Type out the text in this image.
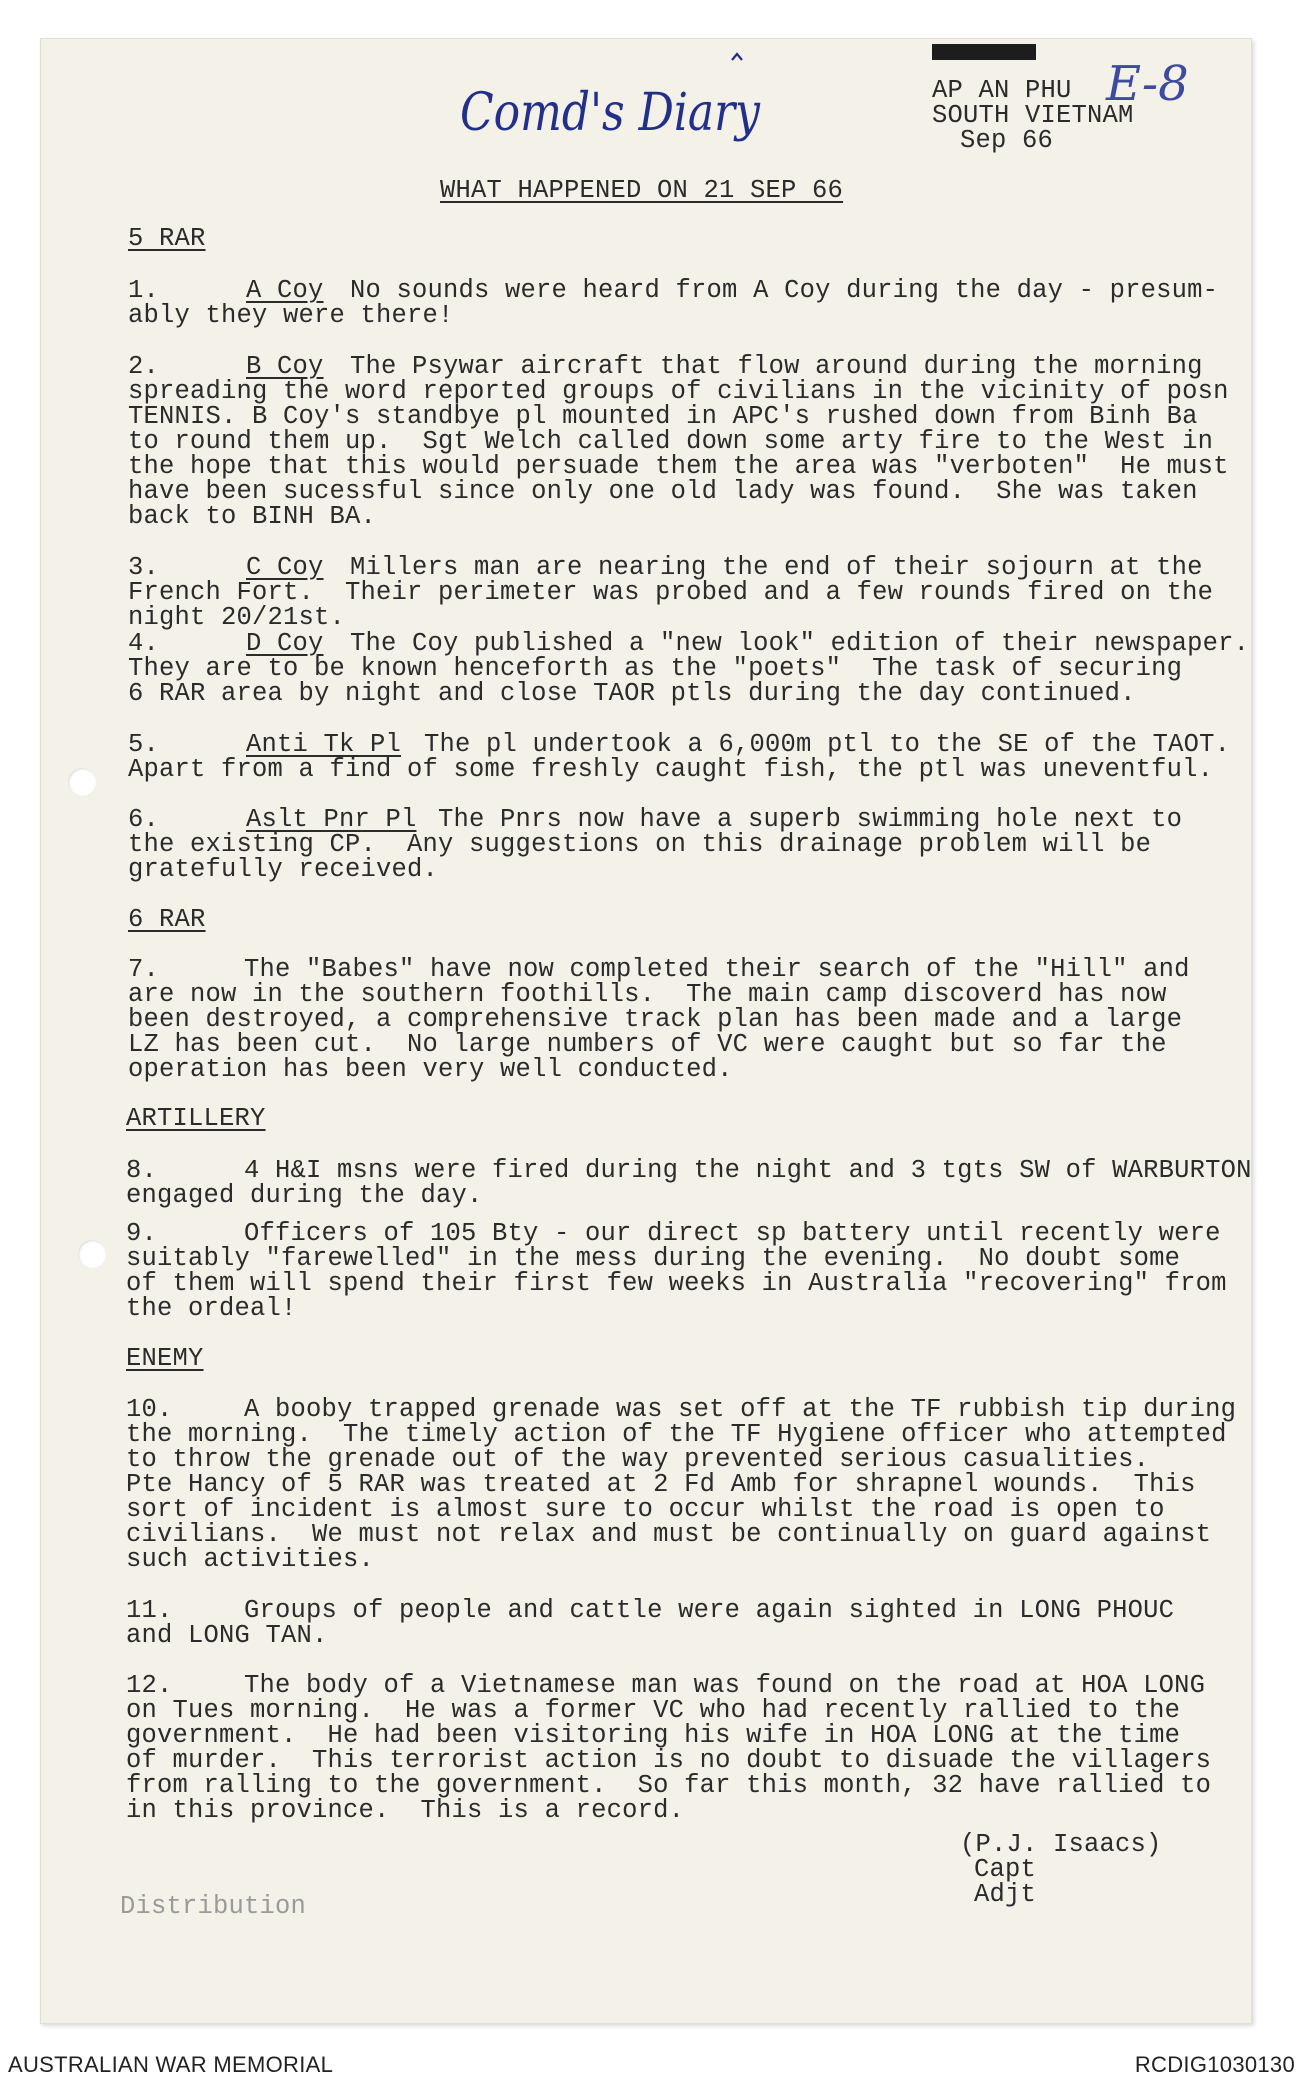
AP AN PHU
SOUTH VIETNAM
Sep 66
E-8
Comd's Diary
WHAT HAPPENED ON 21 SEP 66
5 RAR
1.	A Coy No sounds were heard from A Coy during the day - presum-
ably they were there!
2.	B Coy The Psywar aircraft that flow around during the morning
spreading the word reported groups of civilians in the vicinity of posn
TENNIS. B Coy's standbye pl mounted in APC's rushed down from Binh Ba
to round them up.  Sgt Welch called down some arty fire to the West in
the hope that this would persuade them the area was "verboten"  He must
have been sucessful since only one old lady was found.  She was taken
back to BINH BA.
3.	C Coy Millers man are nearing the end of their sojourn at the
French Fort.  Their perimeter was probed and a few rounds fired on the
night 20/21st.
4.	D Coy The Coy published a "new look" edition of their newspaper.
They are to be known henceforth as the "poets"  The task of securing
6 RAR area by night and close TAOR ptls during the day continued.
5.	Anti Tk Pl The pl undertook a 6,000m ptl to the SE of the TAOT.
Apart from a find of some freshly caught fish, the ptl was uneventful.
6.	Aslt Pnr Pl The Pnrs now have a superb swimming hole next to
the existing CP.  Any suggestions on this drainage problem will be
gratefully received.
6 RAR
7.	The "Babes" have now completed their search of the "Hill" and
are now in the southern foothills.  The main camp discoverd has now
been destroyed, a comprehensive track plan has been made and a large
LZ has been cut.  No large numbers of VC were caught but so far the
operation has been very well conducted.
ARTILLERY
8.	4 H&I msns were fired during the night and 3 tgts SW of WARBURTON
engaged during the day.
9.	Officers of 105 Bty - our direct sp battery until recently were
suitably "farewelled" in the mess during the evening.  No doubt some
of them will spend their first few weeks in Australia "recovering" from
the ordeal!
ENEMY
10.	A booby trapped grenade was set off at the TF rubbish tip during
the morning.  The timely action of the TF Hygiene officer who attempted
to throw the grenade out of the way prevented serious casualities.
Pte Hancy of 5 RAR was treated at 2 Fd Amb for shrapnel wounds.  This
sort of incident is almost sure to occur whilst the road is open to
civilians.  We must not relax and must be continually on guard against
such activities.
11.	Groups of people and cattle were again sighted in LONG PHOUC
and LONG TAN.
12.	The body of a Vietnamese man was found on the road at HOA LONG
on Tues morning.  He was a former VC who had recently rallied to the
government.  He had been visitoring his wife in HOA LONG at the time
of murder.  This terrorist action is no doubt to disuade the villagers
from ralling to the government.  So far this month, 32 have rallied to
in this province.  This is a record.
(P.J. Isaacs)
Capt
Adjt
Distribution
AUSTRALIAN WAR MEMORIAL	RCDIG1030130
